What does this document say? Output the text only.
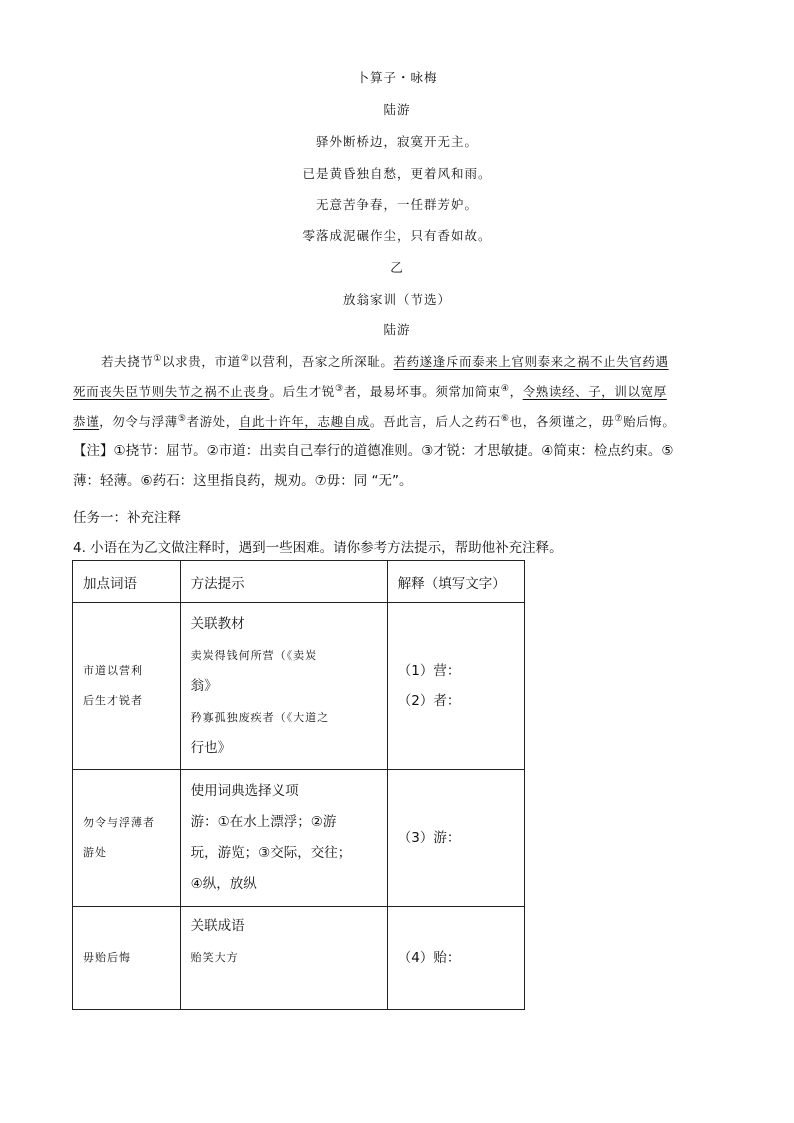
卜算子・咏梅
陆游
驿外断桥边，寂寞开无主。
已是黄昏独自愁，更着风和雨。
无意苦争春，一任群芳妒。
零落成泥碾作尘，只有香如故。
乙
放翁家训（节选）
陆游
若夫挠节①以求贵，市道②以营利，吾家之所深耻。若药遂逢斥而泰来上官则泰来之祸不止失官药遇
死而丧失臣节则失节之祸不止丧身。后生才锐③者，最易坏事。须常加简束④，令熟读经、子，训以宽厚
恭谨，勿令与浮薄⑤者游处，自此十许年，志趣自成。吾此言，后人之药石⑥也，各须谨之，毋⑦贻后悔。
【注】①挠节：屈节。②市道：出卖自己奉行的道德准则。③才锐：才思敏捷。④简束：检点约束。⑤
薄：轻薄。⑥药石：这里指良药，规劝。⑦毋：同 “无”。
任务一：补充注释
4. 小语在为乙文做注释时，遇到一些困难。请你参考方法提示，帮助他补充注释。
加点词语	方法提示	解释（填写文字）

市道以营利
后生才锐者	关联教材
卖炭得钱何所营（《卖炭
翁》
矜寡孤独废疾者（《大道之
行也》	（1）营：
（2）者：

勿令与浮薄者
游处	使用词典选择义项
游：①在水上漂浮；②游
玩，游览；③交际，交往；
④纵，放纵	（3）游：

毋贻后悔	关联成语
贻笑大方	（4）贻：
